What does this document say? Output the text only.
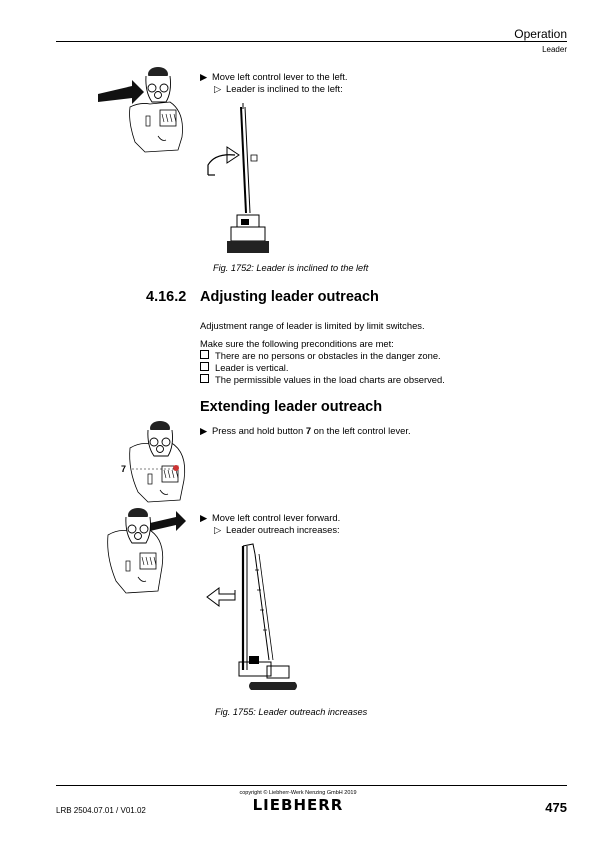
Operation
Leader
▶ Move left control lever to the left.
▷ Leader is inclined to the left:
Fig. 1752: Leader is inclined to the left
4.16.2 Adjusting leader outreach
Adjustment range of leader is limited by limit switches.
Make sure the following preconditions are met:
There are no persons or obstacles in the danger zone.
Leader is vertical.
The permissible values in the load charts are observed.
Extending leader outreach
7
▶ Press and hold button 7 on the left control lever.
▶ Move left control lever forward.
▷ Leader outreach increases:
Fig. 1755: Leader outreach increases
copyright © Liebherr-Werk Nenzing GmbH 2019
LIEBHERR
LRB 2504.07.01 / V01.02	475
